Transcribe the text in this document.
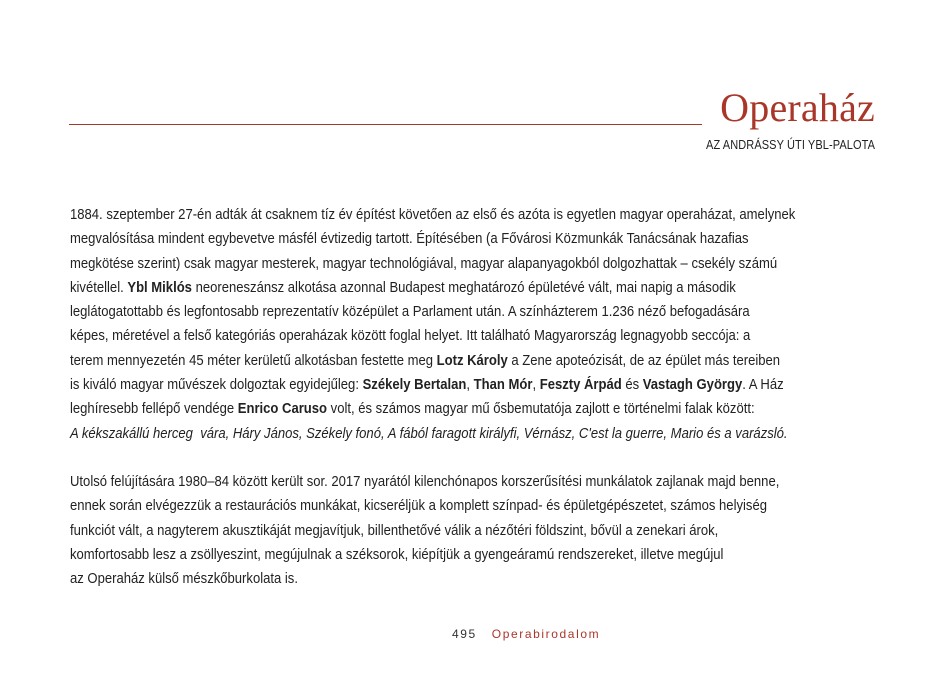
Operaház
AZ ANDRÁSSY ÚTI YBL-PALOTA
1884. szeptember 27-én adták át csaknem tíz év építést követően az első és azóta is egyetlen magyar operaházat, amelynek
megvalósítása mindent egybevetve másfél évtizedig tartott. Építésében (a Fővárosi Közmunkák Tanácsának hazafias
megkötése szerint) csak magyar mesterek, magyar technológiával, magyar alapanyagokból dolgozhattak – csekély számú
kivétellel. Ybl Miklós neoreneszánsz alkotása azonnal Budapest meghatározó épületévé vált, mai napig a második
leglátogatottabb és legfontosabb reprezentatív középület a Parlament után. A színházterem 1.236 néző befogadására
képes, méretével a felső kategóriás operaházak között foglal helyet. Itt található Magyarország legnagyobb seccója: a
terem mennyezetén 45 méter kerületű alkotásban festette meg Lotz Károly a Zene apoteózisát, de az épület más tereiben
is kiváló magyar művészek dolgoztak egyidejűleg: Székely Bertalan, Than Mór, Feszty Árpád és Vastagh György. A Ház
leghíresebb fellépő vendége Enrico Caruso volt, és számos magyar mű ősbemutatója zajlott e történelmi falak között:
A kékszakállú herceg  vára, Háry János, Székely fonó, A fából faragott királyfi, Vérnász, C'est la guerre, Mario és a varázsló.
Utolsó felújítására 1980–84 között került sor. 2017 nyarától kilenchónapos korszerűsítési munkálatok zajlanak majd benne,
ennek során elvégezzük a restaurációs munkákat, kicseréljük a komplett színpad- és épületgépészetet, számos helyiség
funkciót vált, a nagyterem akusztikáját megjavítjuk, billenthetővé válik a nézőtéri földszint, bővül a zenekari árok,
komfortosabb lesz a zsöllyeszint, megújulnak a széksorok, kiépítjük a gyengeáramú rendszereket, illetve megújul
az Operaház külső mészkőburkolata is.
495 Operabirodalom
